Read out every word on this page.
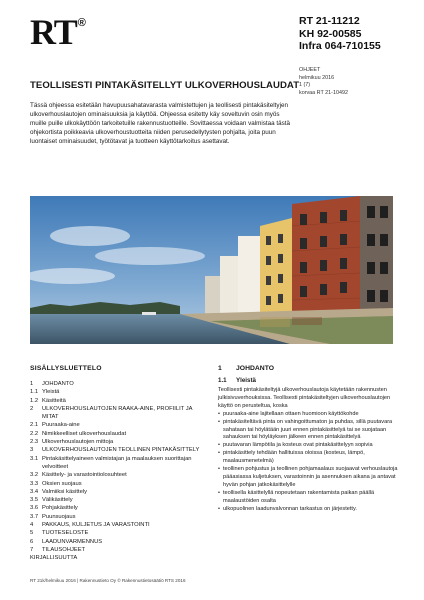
RT®	RT 21-11212
KH 92-00585
Infra 064-710155
OHJEET
helmikuu 2016
1 (7)
korvaa RT 21-10492
TEOLLISESTI PINTAKÄSITELLYT ULKOVERHOUSLAUDAT
Tässä ohjeessa esitetään havupuusahatavarasta valmistettujen ja teollisesti pintakäsiteltyjen ulkoverhouslautojen ominaisuuksia ja käyttöä. Ohjeessa esitetty käy soveltuvin osin myös muille puille ulkokäyttöön tarkoitetuille rakennustuotteille. Sovittaessa voidaan valmistaa tästä ohjekortista poikkeavia ulkoverhoustuotteita niiden perusedellytysten pohjalta, joita puun luontaiset ominaisuudet, työtötavat ja tuotteen käyttötarkoitus asettavat.
SISÄLLYSLUETTELO
1	JOHDANTO
1.1 Yleistä
1.2 Käsitteitä
2	ULKOVERHOUSLAUTOJEN RAAKA-AINE, PROFIILIT JA MITAT
2.1 Puuraaka-aine
2.2 Nimikkeelliset ulkoverhouslaudat
2.3 Ulkoverhouslautojen mittoja
3	ULKOVERHOUSLAUTOJEN TEOLLINEN PINTAKÄSITTELY
3.1 Pintakäsittelyaineen valmistajan ja maalauksen suorittajan velvoitteet
3.2 Käsittely- ja varastointiolosuhteet
3.3 Oksien suojaus
3.4 Valmiiksi käsittely
3.5 Välikäsittely
3.6 Pohjakäsittely
3.7 Puunsuojaus
4	PAKKAUS, KULJETUS JA VARASTOINTI
5	TUOTESELOSTE
6	LAADUNVARMENNUS
7	TILAUSOHJEET
KIRJALLISUUTTA
1	JOHDANTO
1.1	Yleistä

Teollisesti pintakäsiteltyjä ulkoverhouslautoja käytetään rakennusten julkisivuverhouksissa. Teollisesti pintakäsiteltyjen ulkoverhouslautojen käyttö on perusteltua, koska

• puuraaka-aine lajitellaan ottaen huomioon käyttökohde
• pintakäsiteltävä pinta on vahingoittumaton ja puhdas, sillä puutavara sahataan tai höylätään juuri ennen pintakäsittelyä tai se suojataan sahauksen tai höyläyksen jälkeen ennen pintakäsittelyä
• puutavaran lämpötila ja kosteus ovat pintakäsittelyyn sopivia
• pintakäsittely tehdään hallituissa oloissa (kosteus, lämpö, maalausmenetelmä)
• teollinen pohjustus ja teollinen pohjamaalaus suojaavat verhouslautoja pääasiassa kuljetuksen, varastoinnin ja asennuksen aikana ja antavat hyvän pohjan jatkokäsittelylle
• teollisella käsittelyllä nopeutetaan rakentamista paikan päällä maalaustöiden osalta
• ulkopuolinen laadunvalvonnan tarkastus on järjestetty.
RT 21k/helmikuu 2016 | Rakennustieto Oy © Rakennustietosäätiö RTS 2016
